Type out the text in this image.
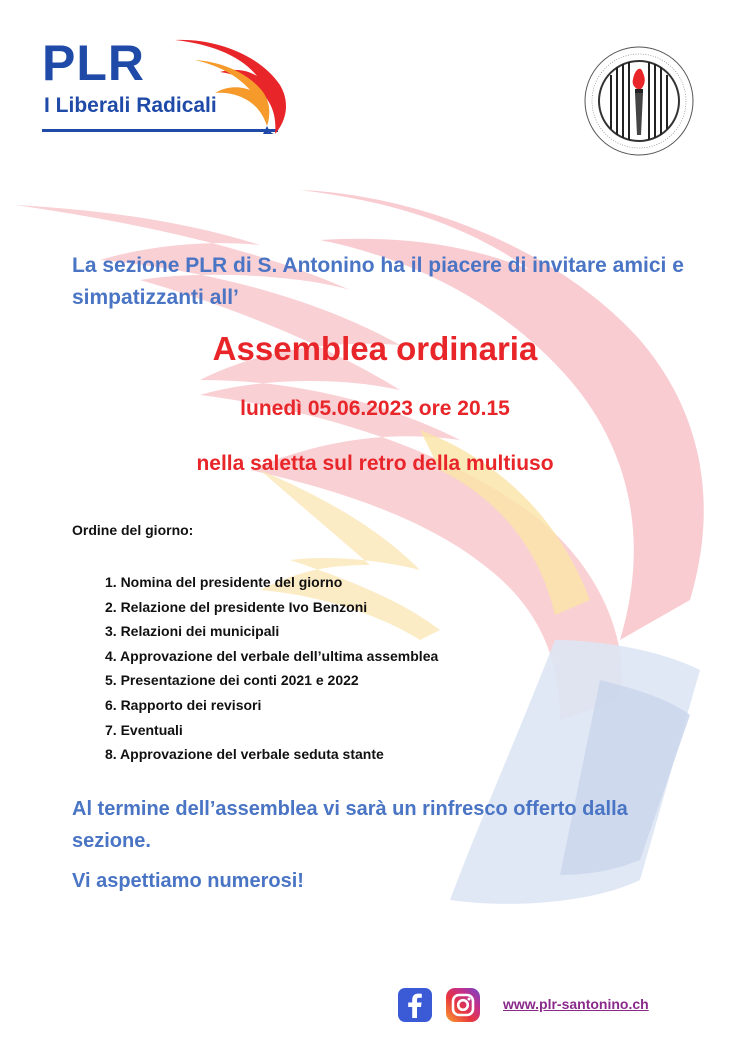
PLR
I Liberali Radicali
La sezione PLR di S. Antonino ha il piacere di invitare amici e simpatizzanti all’
Assemblea ordinaria
lunedì 05.06.2023 ore 20.15
nella saletta sul retro della multiuso
Ordine del giorno:
1. Nomina del presidente del giorno
2. Relazione del presidente Ivo Benzoni
3. Relazioni dei municipali
4. Approvazione del verbale dell’ultima assemblea
5. Presentazione dei conti 2021 e 2022
6. Rapporto dei revisori
7. Eventuali
8. Approvazione del verbale seduta stante
Al termine dell’assemblea vi sarà un rinfresco offerto dalla sezione.
Vi aspettiamo numerosi!
www.plr-santonino.ch
